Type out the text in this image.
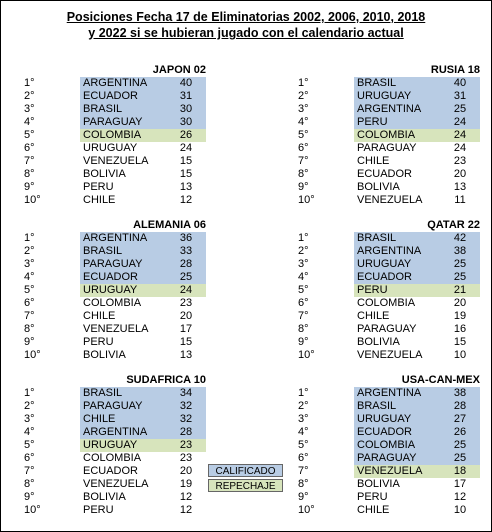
Posiciones Fecha 17 de Eliminatorias 2002, 2006, 2010, 2018
y 2022 si se hubieran jugado con el calendario actual
JAPON 02
1°	ARGENTINA	40
2°	ECUADOR	31
3°	BRASIL	30
4°	PARAGUAY	30
5°	COLOMBIA	26
6°	URUGUAY	24
7°	VENEZUELA	15
8°	BOLIVIA	15
9°	PERU	13
10°	CHILE	12
RUSIA 18
1°	BRASIL	40
2°	URUGUAY	31
3°	ARGENTINA	25
4°	PERU	24
5°	COLOMBIA	24
6°	PARAGUAY	24
7°	CHILE	23
8°	ECUADOR	20
9°	BOLIVIA	13
10°	VENEZUELA	11
ALEMANIA 06
1°	ARGENTINA	36
2°	BRASIL	33
3°	PARAGUAY	28
4°	ECUADOR	25
5°	URUGUAY	24
6°	COLOMBIA	23
7°	CHILE	20
8°	VENEZUELA	17
9°	PERU	15
10°	BOLIVIA	13
QATAR 22
1°	BRASIL	42
2°	ARGENTINA	38
3°	URUGUAY	25
4°	ECUADOR	25
5°	PERU	21
6°	COLOMBIA	20
7°	CHILE	19
8°	PARAGUAY	16
9°	BOLIVIA	15
10°	VENEZUELA	10
SUDAFRICA 10
1°	BRASIL	34
2°	PARAGUAY	32
3°	CHILE	32
4°	ARGENTINA	28
5°	URUGUAY	23
6°	COLOMBIA	23
7°	ECUADOR	20
8°	VENEZUELA	19
9°	BOLIVIA	12
10°	PERU	12
USA-CAN-MEX
1°	ARGENTINA	38
2°	BRASIL	28
3°	URUGUAY	27
4°	ECUADOR	26
5°	COLOMBIA	25
6°	PARAGUAY	25
7°	VENEZUELA	18
8°	BOLIVIA	17
9°	PERU	12
10°	CHILE	10
CALIFICADO
REPECHAJE
